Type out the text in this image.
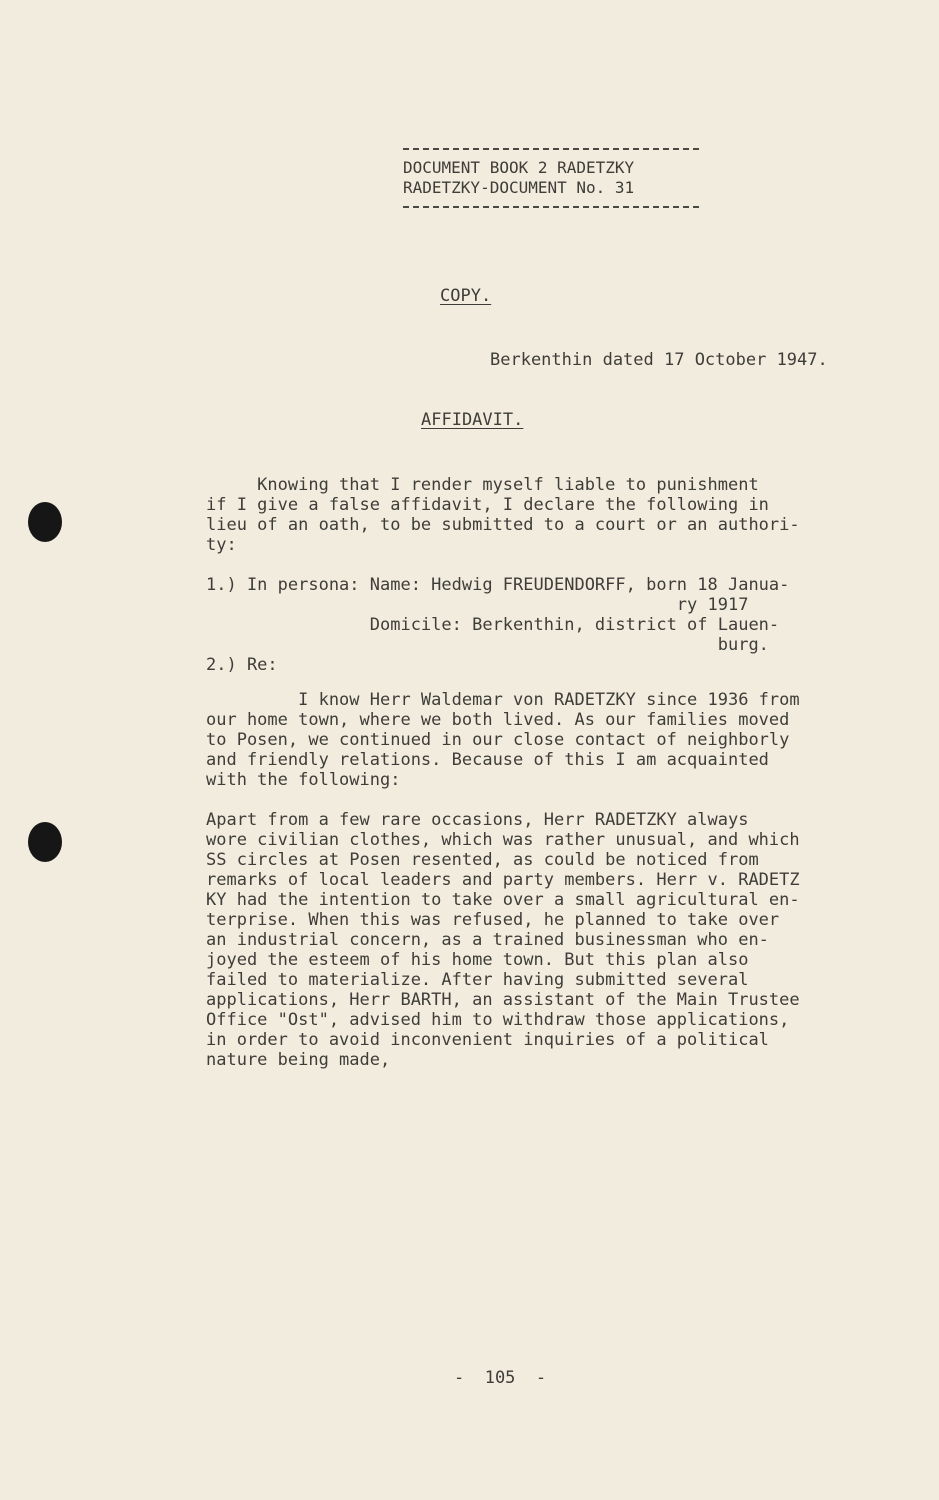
DOCUMENT BOOK 2 RADETZKY
RADETZKY-DOCUMENT No. 31
COPY.
Berkenthin dated 17 October 1947.
AFFIDAVIT.
Knowing that I render myself liable to punishment
if I give a false affidavit, I declare the following in
lieu of an oath, to be submitted to a court or an authori-
ty:
1.) In persona: Name: Hedwig FREUDENDORFF, born 18 Janua-
ry 1917
Domicile: Berkenthin, district of Lauen-
burg.
2.) Re:
I know Herr Waldemar von RADETZKY since 1936 from
our home town, where we both lived. As our families moved
to Posen, we continued in our close contact of neighborly
and friendly relations. Because of this I am acquainted
with the following:
Apart from a few rare occasions, Herr RADETZKY always
wore civilian clothes, which was rather unusual, and which
SS circles at Posen resented, as could be noticed from
remarks of local leaders and party members. Herr v. RADETZ
KY had the intention to take over a small agricultural en-
terprise. When this was refused, he planned to take over
an industrial concern, as a trained businessman who en-
joyed the esteem of his home town. But this plan also
failed to materialize. After having submitted several
applications, Herr BARTH, an assistant of the Main Trustee
Office "Ost", advised him to withdraw those applications,
in order to avoid inconvenient inquiries of a political
nature being made,
-  105  -
